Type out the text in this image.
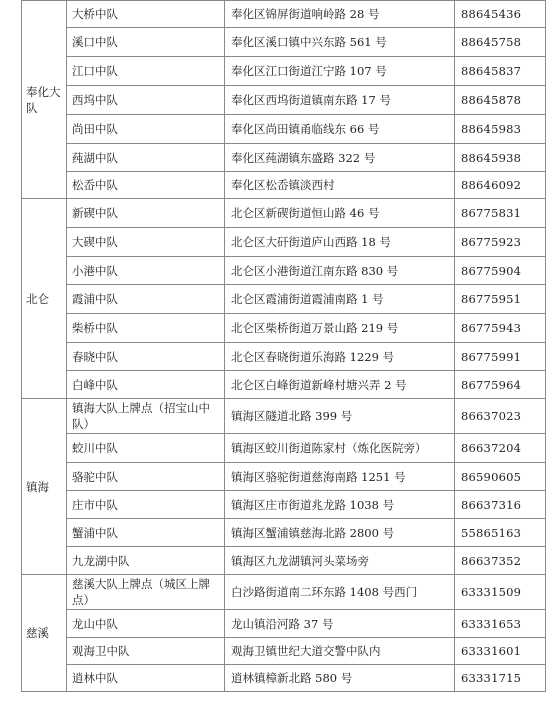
奉化大队	大桥中队	奉化区锦屏街道响岭路 28 号	88645436
	溪口中队	奉化区溪口镇中兴东路 561 号	88645758
	江口中队	奉化区江口街道江宁路 107 号	88645837
	西坞中队	奉化区西坞街道镇南东路 17 号	88645878
	尚田中队	奉化区尚田镇甬临线东 66 号	88645983
	莼湖中队	奉化区莼湖镇东盛路 322 号	88645938
	松岙中队	奉化区松岙镇淡西村	88646092
北仑	新碶中队	北仑区新碶街道恒山路 46 号	86775831
	大碶中队	北仑区大矸街道庐山西路 18 号	86775923
	小港中队	北仑区小港街道江南东路 830 号	86775904
	霞浦中队	北仑区霞浦街道霞浦南路 1 号	86775951
	柴桥中队	北仑区柴桥街道万景山路 219 号	86775943
	春晓中队	北仑区春晓街道乐海路 1229 号	86775991
	白峰中队	北仑区白峰街道新峰村塘兴弄 2 号	86775964
镇海	镇海大队上牌点（招宝山中队）	镇海区隧道北路 399 号	86637023
	蛟川中队	镇海区蛟川街道陈家村（炼化医院旁）	86637204
	骆驼中队	镇海区骆驼街道慈海南路 1251 号	86590605
	庄市中队	镇海区庄市街道兆龙路 1038 号	86637316
	蟹浦中队	镇海区蟹浦镇慈海北路 2800 号	55865163
	九龙湖中队	镇海区九龙湖镇河头菜场旁	86637352
慈溪	慈溪大队上牌点（城区上牌点）	白沙路街道南二环东路 1408 号西门	63331509
	龙山中队	龙山镇沿河路 37 号	63331653
	观海卫中队	观海卫镇世纪大道交警中队内	63331601
	逍林中队	逍林镇樟新北路 580 号	63331715
